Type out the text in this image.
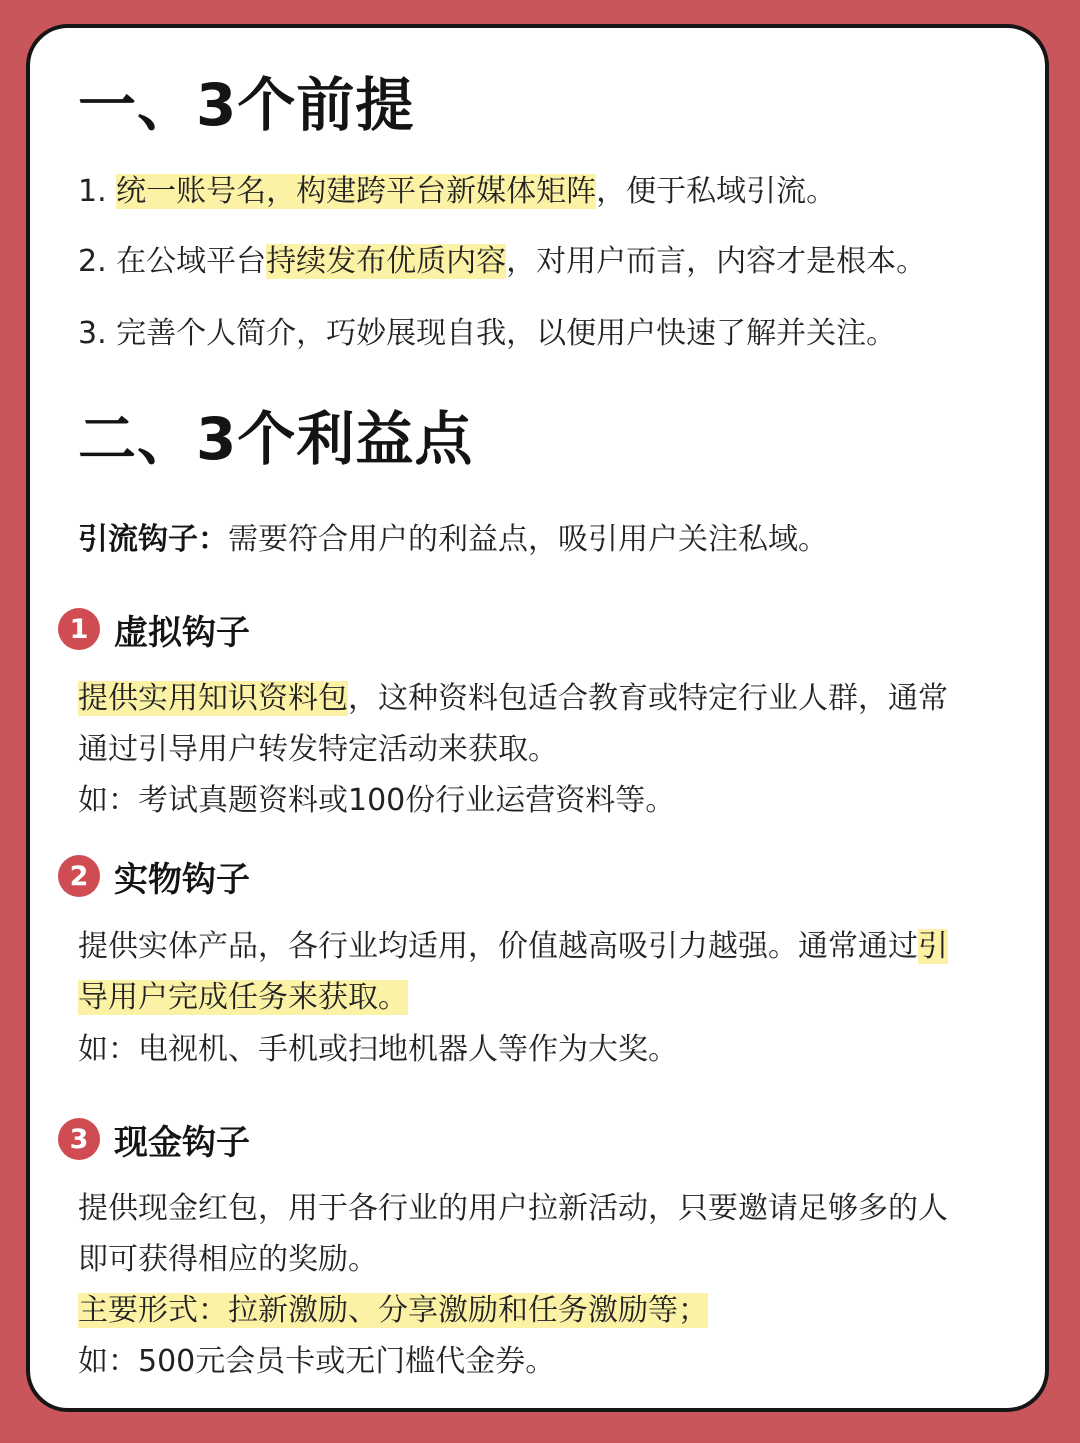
一、3个前提

1. 统一账号名，构建跨平台新媒体矩阵，便于私域引流。

2. 在公域平台持续发布优质内容，对用户而言，内容才是根本。

3. 完善个人简介，巧妙展现自我，以便用户快速了解并关注。

二、3个利益点

引流钩子：需要符合用户的利益点，吸引用户关注私域。

1 虚拟钩子

提供实用知识资料包，这种资料包适合教育或特定行业人群，通常

通过引导用户转发特定活动来获取。

如：考试真题资料或100份行业运营资料等。

2 实物钩子

提供实体产品，各行业均适用，价值越高吸引力越强。通常通过引

导用户完成任务来获取。

如：电视机、手机或扫地机器人等作为大奖。

3 现金钩子

提供现金红包，用于各行业的用户拉新活动，只要邀请足够多的人

即可获得相应的奖励。

主要形式：拉新激励、分享激励和任务激励等；

如：500元会员卡或无门槛代金券。
